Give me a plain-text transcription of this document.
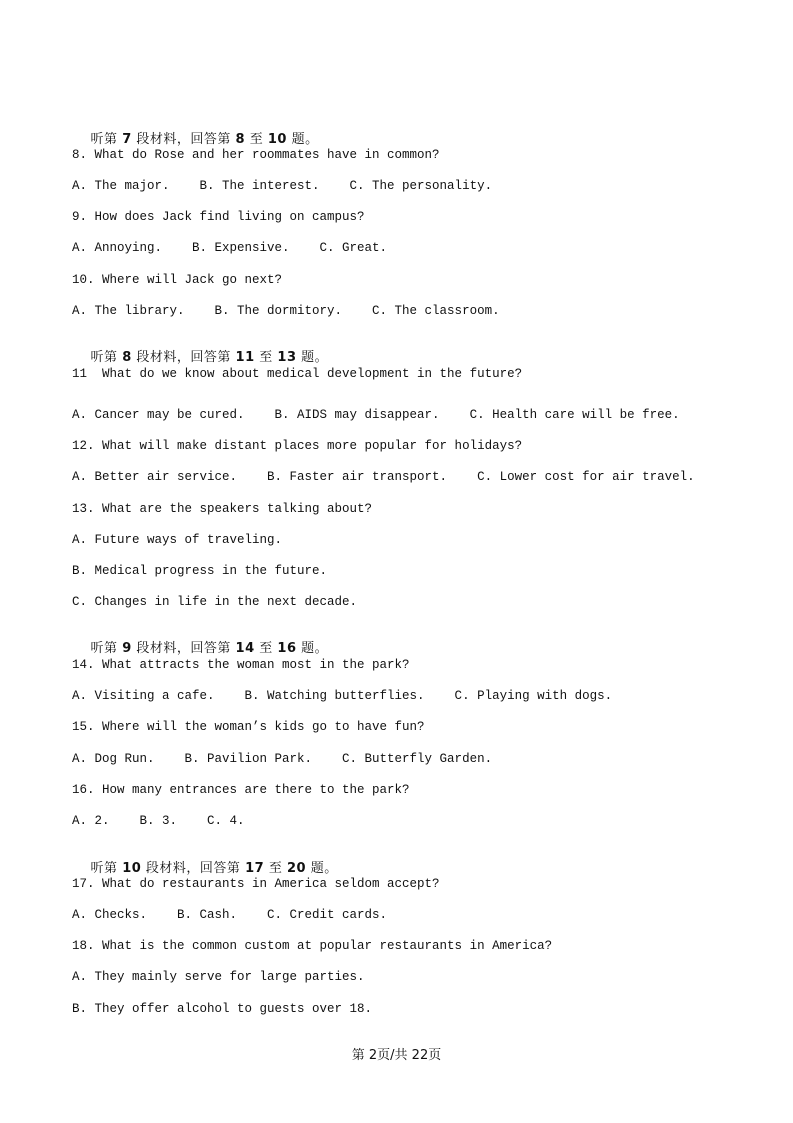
听第 7 段材料，回答第 8 至 10 题。

8. What do Rose and her roommates have in common?
A. The major.    B. The interest.    C. The personality.
9. How does Jack find living on campus?
A. Annoying.    B. Expensive.    C. Great.
10. Where will Jack go next?
A. The library.    B. The dormitory.    C. The classroom.

听第 8 段材料，回答第 11 至 13 题。

11  What do we know about medical development in the future?
A. Cancer may be cured.    B. AIDS may disappear.    C. Health care will be free.
12. What will make distant places more popular for holidays?
A. Better air service.    B. Faster air transport.    C. Lower cost for air travel.
13. What are the speakers talking about?
A. Future ways of traveling.
B. Medical progress in the future.
C. Changes in life in the next decade.

听第 9 段材料，回答第 14 至 16 题。

14. What attracts the woman most in the park?
A. Visiting a cafe.    B. Watching butterflies.    C. Playing with dogs.
15. Where will the woman’s kids go to have fun?
A. Dog Run.    B. Pavilion Park.    C. Butterfly Garden.
16. How many entrances are there to the park?
A. 2.    B. 3.    C. 4.

听第 10 段材料，回答第 17 至 20 题。

17. What do restaurants in America seldom accept?
A. Checks.    B. Cash.    C. Credit cards.
18. What is the common custom at popular restaurants in America?
A. They mainly serve for large parties.
B. They offer alcohol to guests over 18.
第 2页/共 22页
